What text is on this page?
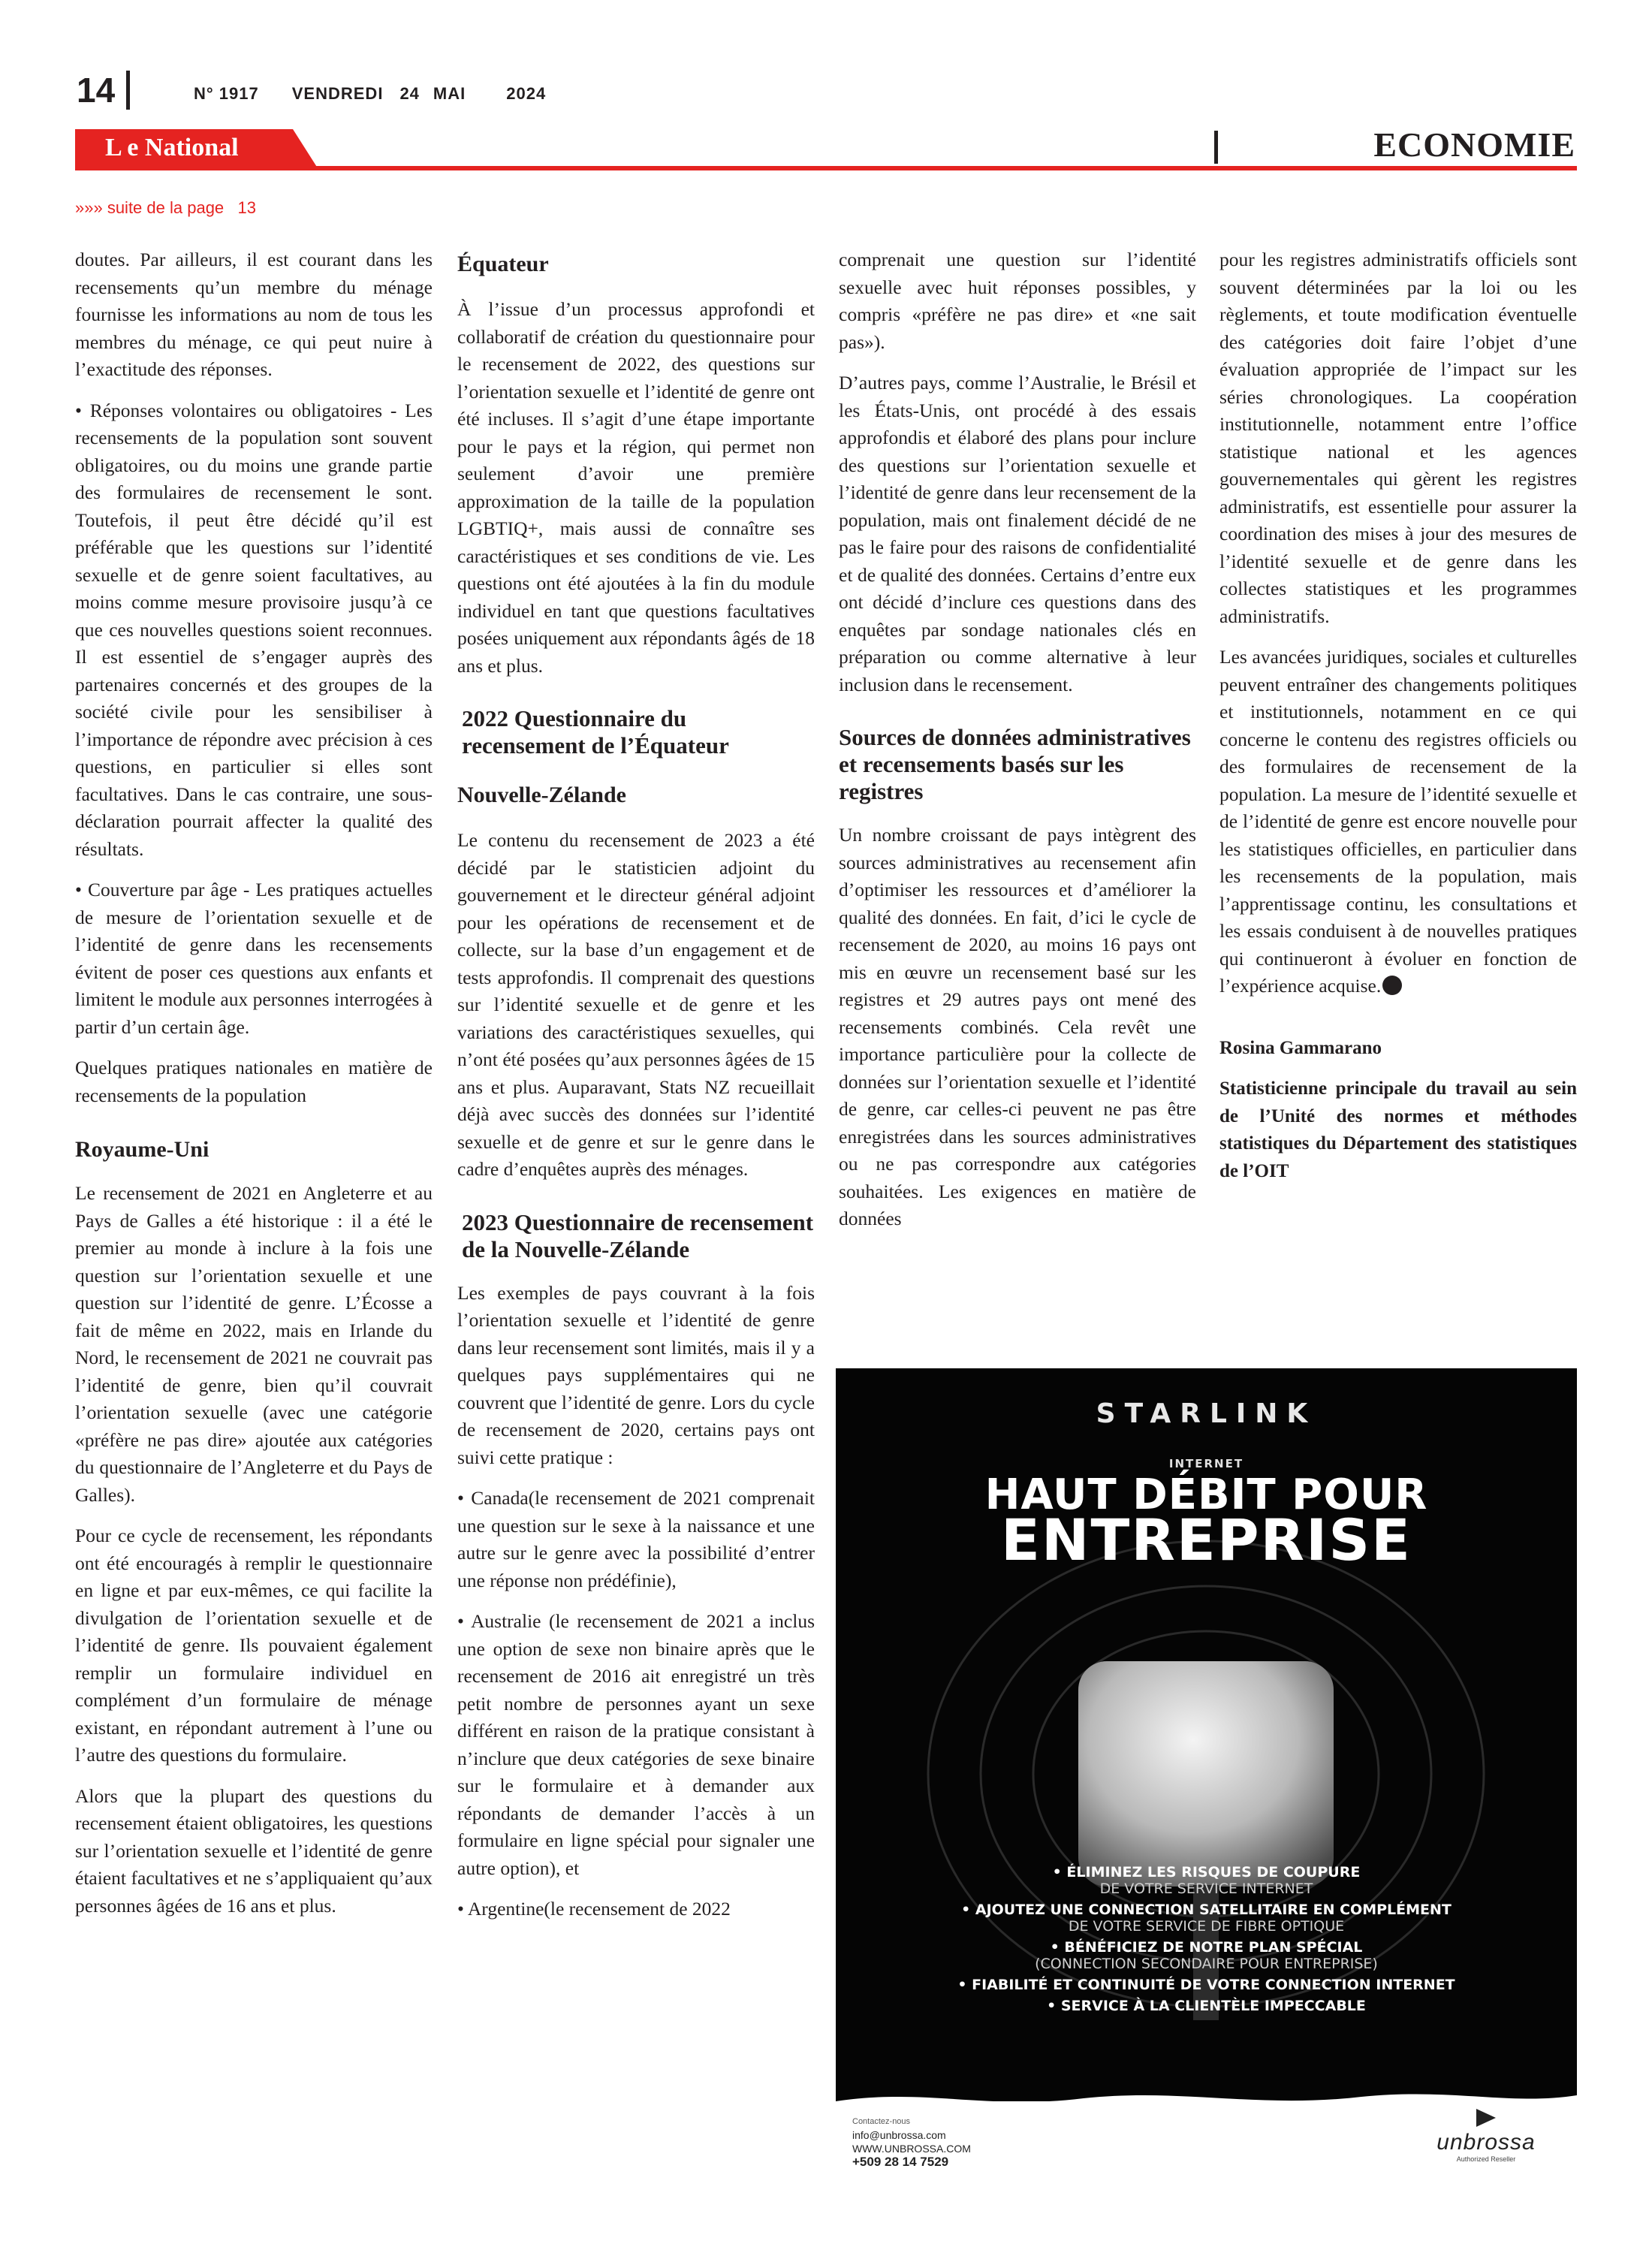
14	N° 1917 VENDREDI 24 MAI 2024
L e National	ECONOMIE
»»» suite de la page   13

doutes. Par ailleurs, il est courant dans les recensements qu’un membre du ménage fournisse les informations au nom de tous les membres du ménage, ce qui peut nuire à l’exactitude des réponses.

• Réponses volontaires ou obligatoires - Les recensements de la population sont souvent obligatoires, ou du moins une grande partie des formulaires de recensement le sont. Toutefois, il peut être décidé qu’il est préférable que les questions sur l’identité sexuelle et de genre soient facultatives, au moins comme mesure provisoire jusqu’à ce que ces nouvelles questions soient reconnues. Il est essentiel de s’engager auprès des partenaires concernés et des groupes de la société civile pour les sensibiliser à l’importance de répondre avec précision à ces questions, en particulier si elles sont facultatives. Dans le cas contraire, une sous-déclaration pourrait affecter la qualité des résultats.

• Couverture par âge - Les pratiques actuelles de mesure de l’orientation sexuelle et de l’identité de genre dans les recensements évitent de poser ces questions aux enfants et limitent le module aux personnes interrogées à partir d’un certain âge.

Quelques pratiques nationales en matière de recensements de la population

Royaume-Uni

Le recensement de 2021 en Angleterre et au Pays de Galles a été historique : il a été le premier au monde à inclure à la fois une question sur l’orientation sexuelle et une question sur l’identité de genre. L’Écosse a fait de même en 2022, mais en Irlande du Nord, le recensement de 2021 ne couvrait pas l’identité de genre, bien qu’il couvrait l’orientation sexuelle (avec une catégorie «préfère ne pas dire» ajoutée aux catégories du questionnaire de l’Angleterre et du Pays de Galles).

Pour ce cycle de recensement, les répondants ont été encouragés à remplir le questionnaire en ligne et par eux-mêmes, ce qui facilite la divulgation de l’orientation sexuelle et de l’identité de genre. Ils pouvaient également remplir un formulaire individuel en complément d’un formulaire de ménage existant, en répondant autrement à l’une ou l’autre des questions du formulaire.

Alors que la plupart des questions du recensement étaient obligatoires, les questions sur l’orientation sexuelle et l’identité de genre étaient facultatives et ne s’appliquaient qu’aux personnes âgées de 16 ans et plus.

Équateur

À l’issue d’un processus approfondi et collaboratif de création du questionnaire pour le recensement de 2022, des questions sur l’orientation sexuelle et l’identité de genre ont été incluses. Il s’agit d’une étape importante pour le pays et la région, qui permet non seulement d’avoir une première approximation de la taille de la population LGBTIQ+, mais aussi de connaître ses caractéristiques et ses conditions de vie. Les questions ont été ajoutées à la fin du module individuel en tant que questions facultatives posées uniquement aux répondants âgés de 18 ans et plus.

2022 Questionnaire du recensement de l’Équateur
Nouvelle-Zélande

Le contenu du recensement de 2023 a été décidé par le statisticien adjoint du gouvernement et le directeur général adjoint pour les opérations de recensement et de collecte, sur la base d’un engagement et de tests approfondis. Il comprenait des questions sur l’identité sexuelle et de genre et les variations des caractéristiques sexuelles, qui n’ont été posées qu’aux personnes âgées de 15 ans et plus. Auparavant, Stats NZ recueillait déjà avec succès des données sur l’identité sexuelle et de genre et sur le genre dans le cadre d’enquêtes auprès des ménages.

2023 Questionnaire de recensement de la Nouvelle-Zélande

Les exemples de pays couvrant à la fois l’orientation sexuelle et l’identité de genre dans leur recensement sont limités, mais il y a quelques pays supplémentaires qui ne couvrent que l’identité de genre. Lors du cycle de recensement de 2020, certains pays ont suivi cette pratique :

• Canada(le recensement de 2021 comprenait une question sur le sexe à la naissance et une autre sur le genre avec la possibilité d’entrer une réponse non prédéfinie),

• Australie (le recensement de 2021 a inclus une option de sexe non binaire après que le recensement de 2016 ait enregistré un très petit nombre de personnes ayant un sexe différent en raison de la pratique consistant à n’inclure que deux catégories de sexe binaire sur le formulaire et à demander aux répondants de demander l’accès à un formulaire en ligne spécial pour signaler une autre option), et

• Argentine(le recensement de 2022

comprenait une question sur l’identité sexuelle avec huit réponses possibles, y compris «préfère ne pas dire» et «ne sait pas»).

D’autres pays, comme l’Australie, le Brésil et les États-Unis, ont procédé à des essais approfondis et élaboré des plans pour inclure des questions sur l’orientation sexuelle et l’identité de genre dans leur recensement de la population, mais ont finalement décidé de ne pas le faire pour des raisons de confidentialité et de qualité des données. Certains d’entre eux ont décidé d’inclure ces questions dans des enquêtes par sondage nationales clés en préparation ou comme alternative à leur inclusion dans le recensement.

Sources de données administratives et recensements basés sur les registres

Un nombre croissant de pays intègrent des sources administratives au recensement afin d’optimiser les ressources et d’améliorer la qualité des données. En fait, d’ici le cycle de recensement de 2020, au moins 16 pays ont mis en œuvre un recensement basé sur les registres et 29 autres pays ont mené des recensements combinés. Cela revêt une importance particulière pour la collecte de données sur l’orientation sexuelle et l’identité de genre, car celles-ci peuvent ne pas être enregistrées dans les sources administratives ou ne pas correspondre aux catégories souhaitées. Les exigences en matière de données

pour les registres administratifs officiels sont souvent déterminées par la loi ou les règlements, et toute modification éventuelle des catégories doit faire l’objet d’une évaluation appropriée de l’impact sur les séries chronologiques. La coopération institutionnelle, notamment entre l’office statistique national et les agences gouvernementales qui gèrent les registres administratifs, est essentielle pour assurer la coordination des mises à jour des mesures de l’identité sexuelle et de genre dans les collectes statistiques et les programmes administratifs.

Les avancées juridiques, sociales et culturelles peuvent entraîner des changements politiques et institutionnels, notamment en ce qui concerne le contenu des registres officiels ou des formulaires de recensement de la population. La mesure de l’identité sexuelle et de l’identité de genre est encore nouvelle pour les statistiques officielles, en particulier dans les recensements de la population, mais l’apprentissage continu, les consultations et les essais conduisent à de nouvelles pratiques qui continueront à évoluer en fonction de l’expérience acquise.

Rosina Gammarano

Statisticienne principale du travail au sein de l’Unité des normes et méthodes statistiques du Département des statistiques de l’OIT

STARLINK
INTERNET
HAUT DÉBIT POUR
ENTREPRISE
• ÉLIMINEZ LES RISQUES DE COUPURE
DE VOTRE SERVICE INTERNET
• AJOUTEZ UNE CONNECTION SATELLITAIRE EN COMPLÉMENT
DE VOTRE SERVICE DE FIBRE OPTIQUE
• BÉNÉFICIEZ DE NOTRE PLAN SPÉCIAL
(CONNECTION SECONDAIRE POUR ENTREPRISE)
• FIABILITÉ ET CONTINUITÉ DE VOTRE CONNECTION INTERNET
• SERVICE À LA CLIENTÈLE IMPECCABLE
Contactez-nous
info@unbrossa.com
WWW.UNBROSSA.COM
+509 28 14 7529
unbrossa
Authorized Reseller
